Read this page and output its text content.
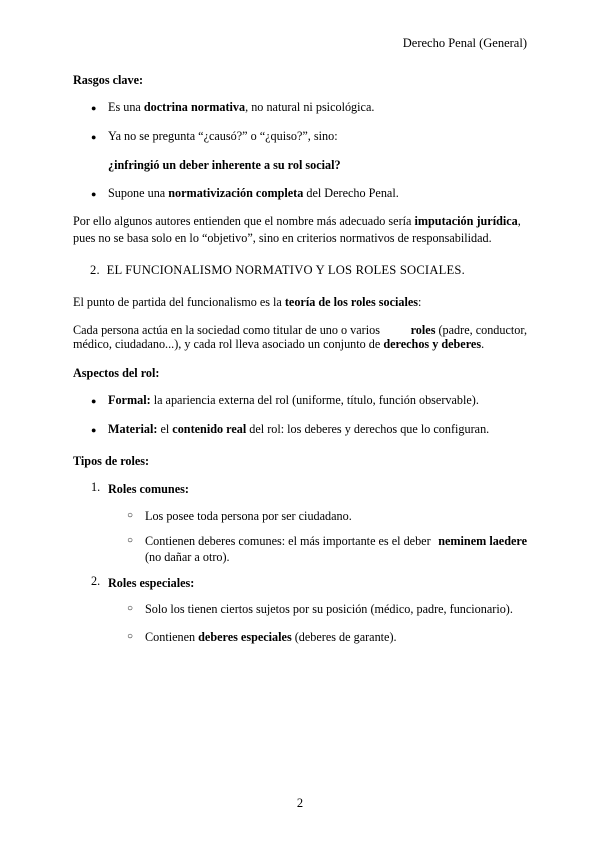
Derecho Penal (General)
Rasgos clave:
● Es una doctrina normativa, no natural ni psicológica.
● Ya no se pregunta “¿causó?” o “¿quiso?”, sino:
¿infringió un deber inherente a su rol social?
● Supone una normativización completa del Derecho Penal.
Por ello algunos autores entienden que el nombre más adecuado sería imputación jurídica,
pues no se basa solo en lo “objetivo”, sino en criterios normativos de responsabilidad.
2. EL FUNCIONALISMO NORMATIVO Y LOS ROLES SOCIALES.
El punto de partida del funcionalismo es la teoría de los roles sociales:
Cada persona actúa en la sociedad como titular de uno o varios	roles (padre, conductor,
médico, ciudadano...), y cada rol lleva asociado un conjunto de derechos y deberes.
Aspectos del rol:
● Formal: la apariencia externa del rol (uniforme, título, función observable).
● Material: el contenido real del rol: los deberes y derechos que lo configuran.
Tipos de roles:
1. Roles comunes:
○ Los posee toda persona por ser ciudadano.
○ Contienen deberes comunes: el más importante es el deber neminem laedere
(no dañar a otro).
2. Roles especiales:
○ Solo los tienen ciertos sujetos por su posición (médico, padre, funcionario).
○ Contienen deberes especiales (deberes de garante).
2
